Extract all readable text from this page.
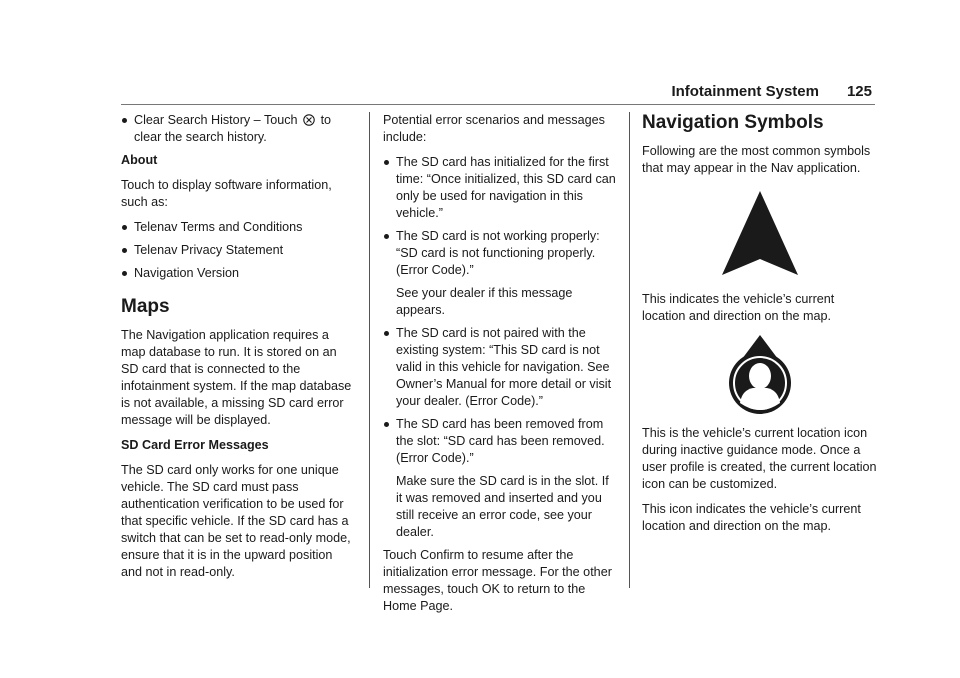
Infotainment System 125
Clear Search History – Touch to clear the search history.

About

Touch to display software information, such as:

Telenav Terms and Conditions
Telenav Privacy Statement
Navigation Version
Maps

The Navigation application requires a map database to run. It is stored on an SD card that is connected to the infotainment system. If the map database is not available, a missing SD card error message will be displayed.

SD Card Error Messages

The SD card only works for one unique vehicle. The SD card must pass authentication verification to be used for that specific vehicle. If the SD card has a switch that can be set to read-only mode, ensure that it is in the upward position and not in read-only.

Potential error scenarios and messages include:

The SD card has initialized for the first time: “Once initialized, this SD card can only be used for navigation in this vehicle.”
The SD card is not working properly: “SD card is not functioning properly. (Error Code).”
See your dealer if this message appears.
The SD card is not paired with the existing system: “This SD card is not valid in this vehicle for navigation. See Owner’s Manual for more detail or visit your dealer. (Error Code).”
The SD card has been removed from the slot: “SD card has been removed. (Error Code).”
Make sure the SD card is in the slot. If it was removed and inserted and you still receive an error code, see your dealer.

Touch Confirm to resume after the initialization error message. For the other messages, touch OK to return to the Home Page.

Navigation Symbols

Following are the most common symbols that may appear in the Nav application.

This indicates the vehicle’s current location and direction on the map.

This is the vehicle’s current location icon during inactive guidance mode. Once a user profile is created, the current location icon can be customized.

This icon indicates the vehicle’s current location and direction on the map.
